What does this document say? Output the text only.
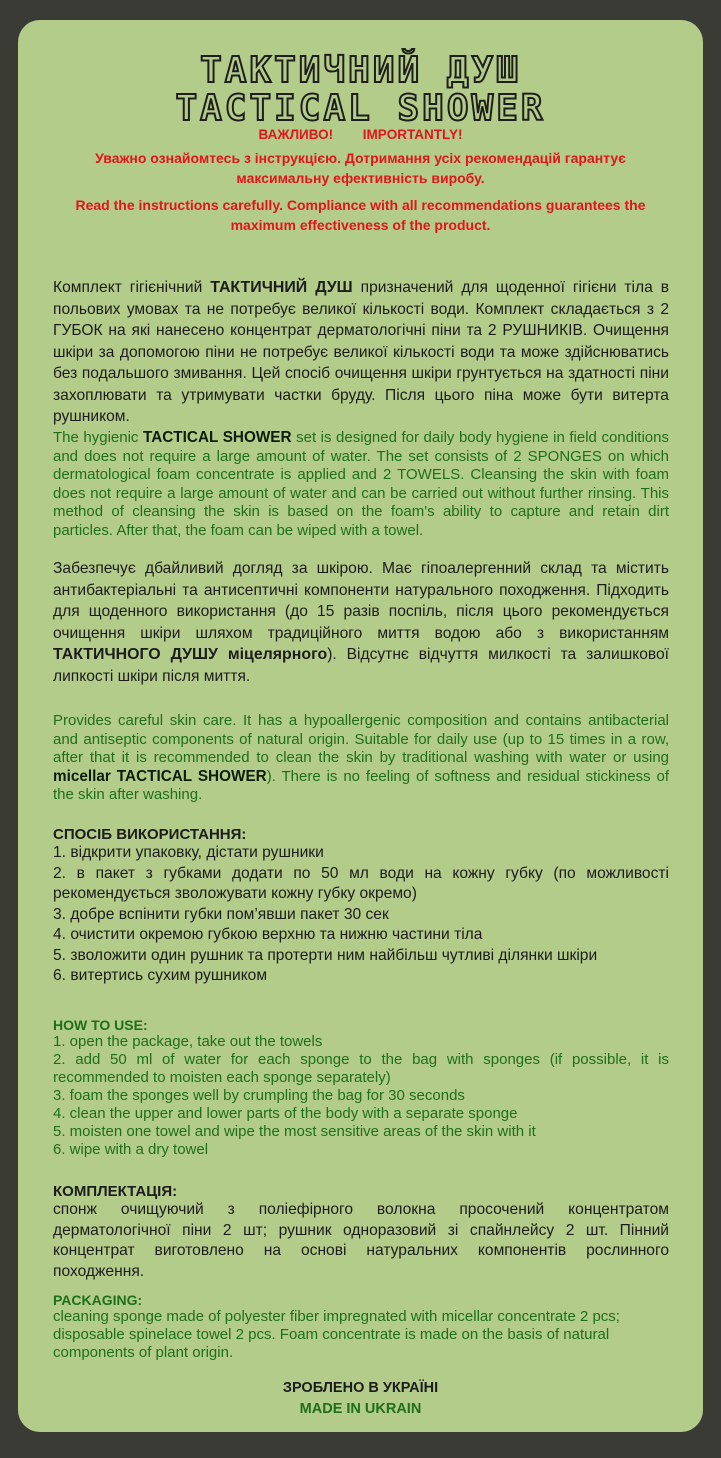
ТАКТИЧНИЙ ДУШ
TACTICAL SHOWER
ВАЖЛИВО! IMPORTANTLY!
Уважно ознайомтесь з інструкцією. Дотримання усіх рекомендацій гарантує максимальну ефективність виробу.
Read the instructions carefully. Compliance with all recommendations guarantees the maximum effectiveness of the product.

Комплект гігієнічний ТАКТИЧНИЙ ДУШ призначений для щоденної гігієни тіла в польових умовах та не потребує великої кількості води. Комплект складається з 2 ГУБОК на які нанесено концентрат дерматологічні піни та 2 РУШНИКІВ. Очищення шкіри за допомогою піни не потребує великої кількості води та може здійснюватись без подальшого змивання. Цей спосіб очищення шкіри грунтується на здатності піни захоплювати та утримувати частки бруду. Після цього піна може бути витерта рушником.

The hygienic TACTICAL SHOWER set is designed for daily body hygiene in field conditions and does not require a large amount of water. The set consists of 2 SPONGES on which dermatological foam concentrate is applied and 2 TOWELS. Cleansing the skin with foam does not require a large amount of water and can be carried out without further rinsing. This method of cleansing the skin is based on the foam's ability to capture and retain dirt particles. After that, the foam can be wiped with a towel.

Забезпечує дбайливий догляд за шкірою. Має гіпоалергенний склад та містить антибактеріальні та антисептичні компоненти натурального походження. Підходить для щоденного використання (до 15 разів поспіль, після цього рекомендується очищення шкіри шляхом традиційного миття водою або з використанням ТАКТИЧНОГО ДУШУ міцелярного). Відсутнє відчуття милкості та залишкової липкості шкіри після миття.

Provides careful skin care. It has a hypoallergenic composition and contains antibacterial and antiseptic components of natural origin. Suitable for daily use (up to 15 times in a row, after that it is recommended to clean the skin by traditional washing with water or using micellar TACTICAL SHOWER). There is no feeling of softness and residual stickiness of the skin after washing.

СПОСІБ ВИКОРИСТАННЯ:
1. відкрити упаковку, дістати рушники
2. в пакет з губками додати по 50 мл води на кожну губку (по можливості рекомендується зволожувати кожну губку окремо)
3. добре вспінити губки пом’явши пакет 30 сек
4. очистити окремою губкою верхню та нижню частини тіла
5. зволожити один рушник та протерти ним найбільш чутливі ділянки шкіри
6. витертись сухим рушником
HOW TO USE:
1. open the package, take out the towels
2. add 50 ml of water for each sponge to the bag with sponges (if possible, it is recommended to moisten each sponge separately)
3. foam the sponges well by crumpling the bag for 30 seconds
4. clean the upper and lower parts of the body with a separate sponge
5. moisten one towel and wipe the most sensitive areas of the skin with it
6. wipe with a dry towel
КОМПЛЕКТАЦІЯ:
спонж очищуючий з поліефірного волокна просочений концентратом дерматологічної піни 2 шт; рушник одноразовий зі спайнлейсу 2 шт. Пінний концентрат виготовлено на основі натуральних компонентів рослинного походження.
PACKAGING:
cleaning sponge made of polyester fiber impregnated with micellar concentrate 2 pcs; disposable spinelace towel 2 pcs. Foam concentrate is made on the basis of natural components of plant origin.
ЗРОБЛЕНО В УКРАЇНІ
MADE IN UKRAIN
